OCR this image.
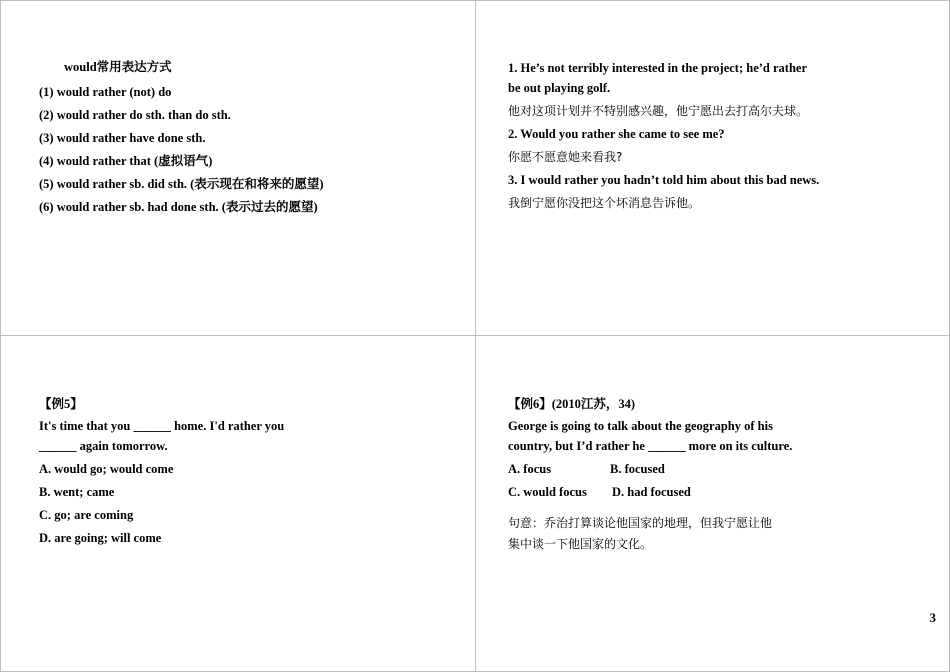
would常用表达方式
(1) would rather (not) do
(2) would rather do sth. than do sth.
(3) would rather have done sth.
(4) would rather that (虚拟语气)
(5) would rather sb. did sth. (表示现在和将来的愿望)
(6) would rather sb. had done sth. (表示过去的愿望)
1. He’s not terribly interested in the project; he’d rather
be out playing golf.
他对这项计划并不特别感兴趣，他宁愿出去打高尔夫球。
2. Would you rather she came to see me?
你愿不愿意她来看我?
3. I would rather you hadn’t told him about this bad news.
我倒宁愿你没把这个坏消息告诉他。
【例5】
It's time that you ______ home. I'd rather you
______ again tomorrow.
A. would go; would come
B. went; came
C. go; are coming
D. are going; will come
【例6】(2010江苏，34)
George is going to talk about the geography of his
country, but I’d rather he ______ more on its culture.
A. focus	B. focused
C. would focus D. had focused
句意：乔治打算谈论他国家的地理，但我宁愿让他
集中谈一下他国家的文化。
3
